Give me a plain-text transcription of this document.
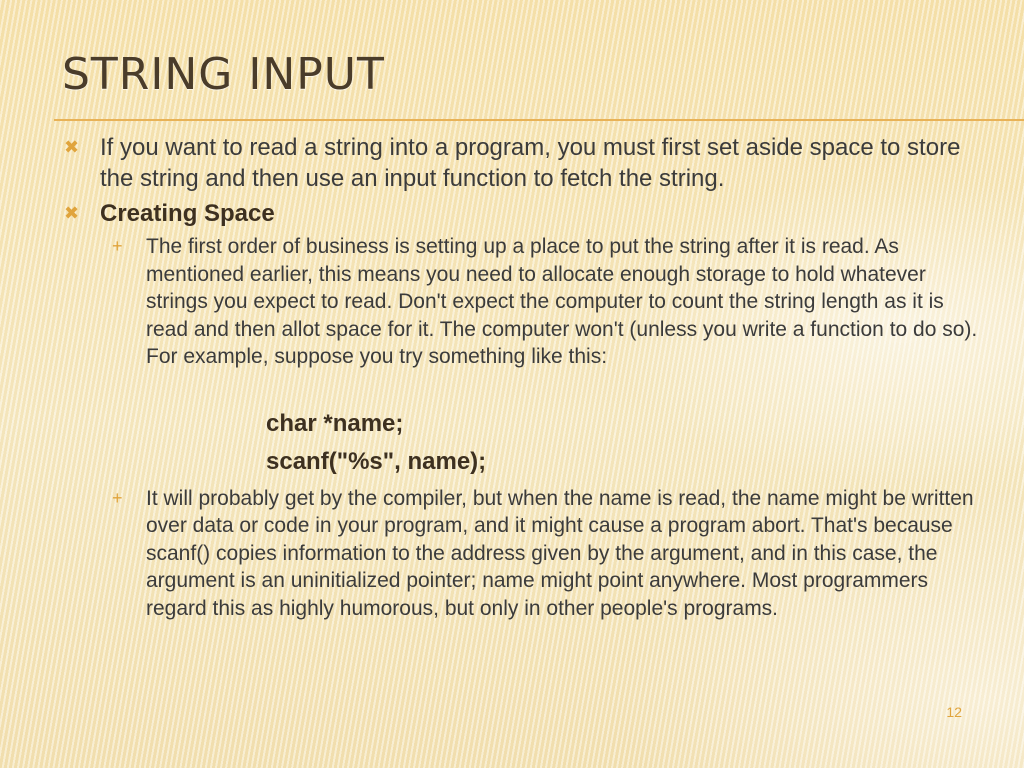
STRING INPUT
✖ If you want to read a string into a program, you must first set aside space to store the string and then use an input function to fetch the string.
✖ Creating Space
+ The first order of business is setting up a place to put the string after it is read. As mentioned earlier, this means you need to allocate enough storage to hold whatever strings you expect to read. Don't expect the computer to count the string length as it is read and then allot space for it. The computer won't (unless you write a function to do so). For example, suppose you try something like this:
char *name;
scanf("%s", name);
+ It will probably get by the compiler, but when the name is read, the name might be written over data or code in your program, and it might cause a program abort. That's because scanf() copies information to the address given by the argument, and in this case, the argument is an uninitialized pointer; name might point anywhere. Most programmers regard this as highly humorous, but only in other people's programs.
12
